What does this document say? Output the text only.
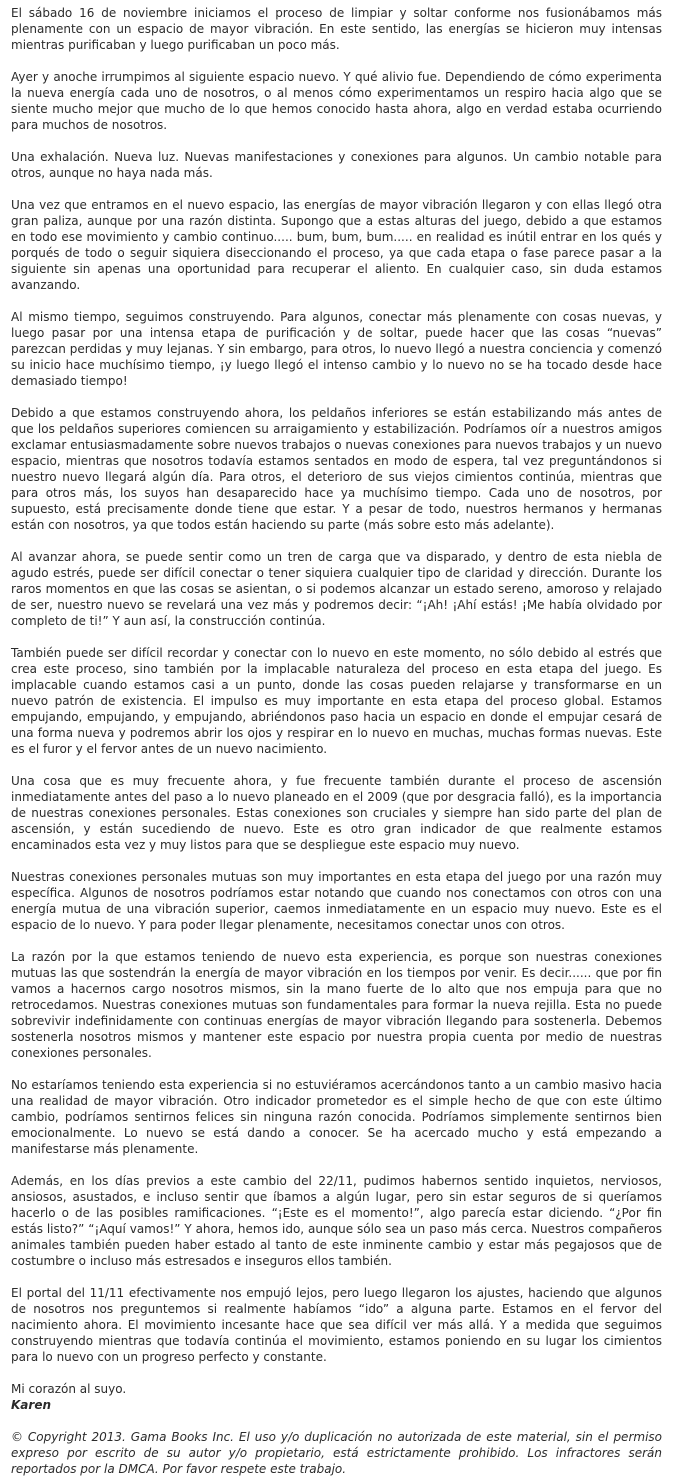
El sábado 16 de noviembre iniciamos el proceso de limpiar y soltar conforme nos fusionábamos más plenamente con un espacio de mayor vibración. En este sentido, las energías se hicieron muy intensas mientras purificaban y luego purificaban un poco más.

Ayer y anoche irrumpimos al siguiente espacio nuevo. Y qué alivio fue. Dependiendo de cómo experimenta la nueva energía cada uno de nosotros, o al menos cómo experimentamos un respiro hacia algo que se siente mucho mejor que mucho de lo que hemos conocido hasta ahora, algo en verdad estaba ocurriendo para muchos de nosotros.

Una exhalación. Nueva luz. Nuevas manifestaciones y conexiones para algunos. Un cambio notable para otros, aunque no haya nada más.

Una vez que entramos en el nuevo espacio, las energías de mayor vibración llegaron y con ellas llegó otra gran paliza, aunque por una razón distinta. Supongo que a estas alturas del juego, debido a que estamos en todo ese movimiento y cambio continuo..... bum, bum, bum..... en realidad es inútil entrar en los qués y porqués de todo o seguir siquiera diseccionando el proceso, ya que cada etapa o fase parece pasar a la siguiente sin apenas una oportunidad para recuperar el aliento. En cualquier caso, sin duda estamos avanzando.

Al mismo tiempo, seguimos construyendo. Para algunos, conectar más plenamente con cosas nuevas, y luego pasar por una intensa etapa de purificación y de soltar, puede hacer que las cosas “nuevas” parezcan perdidas y muy lejanas. Y sin embargo, para otros, lo nuevo llegó a nuestra conciencia y comenzó su inicio hace muchísimo tiempo, ¡y luego llegó el intenso cambio y lo nuevo no se ha tocado desde hace demasiado tiempo!

Debido a que estamos construyendo ahora, los peldaños inferiores se están estabilizando más antes de que los peldaños superiores comiencen su arraigamiento y estabilización. Podríamos oír a nuestros amigos exclamar entusiasmadamente sobre nuevos trabajos o nuevas conexiones para nuevos trabajos y un nuevo espacio, mientras que nosotros todavía estamos sentados en modo de espera, tal vez preguntándonos si nuestro nuevo llegará algún día. Para otros, el deterioro de sus viejos cimientos continúa, mientras que para otros más, los suyos han desaparecido hace ya muchísimo tiempo. Cada uno de nosotros, por supuesto, está precisamente donde tiene que estar. Y a pesar de todo, nuestros hermanos y hermanas están con nosotros, ya que todos están haciendo su parte (más sobre esto más adelante).

Al avanzar ahora, se puede sentir como un tren de carga que va disparado, y dentro de esta niebla de agudo estrés, puede ser difícil conectar o tener siquiera cualquier tipo de claridad y dirección. Durante los raros momentos en que las cosas se asientan, o si podemos alcanzar un estado sereno, amoroso y relajado de ser, nuestro nuevo se revelará una vez más y podremos decir: “¡Ah! ¡Ahí estás! ¡Me había olvidado por completo de ti!” Y aun así, la construcción continúa.

También puede ser difícil recordar y conectar con lo nuevo en este momento, no sólo debido al estrés que crea este proceso, sino también por la implacable naturaleza del proceso en esta etapa del juego. Es implacable cuando estamos casi a un punto, donde las cosas pueden relajarse y transformarse en un nuevo patrón de existencia. El impulso es muy importante en esta etapa del proceso global. Estamos empujando, empujando, y empujando, abriéndonos paso hacia un espacio en donde el empujar cesará de una forma nueva y podremos abrir los ojos y respirar en lo nuevo en muchas, muchas formas nuevas. Este es el furor y el fervor antes de un nuevo nacimiento.

Una cosa que es muy frecuente ahora, y fue frecuente también durante el proceso de ascensión inmediatamente antes del paso a lo nuevo planeado en el 2009 (que por desgracia falló), es la importancia de nuestras conexiones personales. Estas conexiones son cruciales y siempre han sido parte del plan de ascensión, y están sucediendo de nuevo. Este es otro gran indicador de que realmente estamos encaminados esta vez y muy listos para que se despliegue este espacio muy nuevo.

Nuestras conexiones personales mutuas son muy importantes en esta etapa del juego por una razón muy específica. Algunos de nosotros podríamos estar notando que cuando nos conectamos con otros con una energía mutua de una vibración superior, caemos inmediatamente en un espacio muy nuevo. Este es el espacio de lo nuevo. Y para poder llegar plenamente, necesitamos conectar unos con otros.

La razón por la que estamos teniendo de nuevo esta experiencia, es porque son nuestras conexiones mutuas las que sostendrán la energía de mayor vibración en los tiempos por venir. Es decir...... que por fin vamos a hacernos cargo nosotros mismos, sin la mano fuerte de lo alto que nos empuja para que no retrocedamos. Nuestras conexiones mutuas son fundamentales para formar la nueva rejilla. Esta no puede sobrevivir indefinidamente con continuas energías de mayor vibración llegando para sostenerla. Debemos sostenerla nosotros mismos y mantener este espacio por nuestra propia cuenta por medio de nuestras conexiones personales.

No estaríamos teniendo esta experiencia si no estuviéramos acercándonos tanto a un cambio masivo hacia una realidad de mayor vibración. Otro indicador prometedor es el simple hecho de que con este último cambio, podríamos sentirnos felices sin ninguna razón conocida. Podríamos simplemente sentirnos bien emocionalmente. Lo nuevo se está dando a conocer. Se ha acercado mucho y está empezando a manifestarse más plenamente.

Además, en los días previos a este cambio del 22/11, pudimos habernos sentido inquietos, nerviosos, ansiosos, asustados, e incluso sentir que íbamos a algún lugar, pero sin estar seguros de si queríamos hacerlo o de las posibles ramificaciones. “¡Este es el momento!”, algo parecía estar diciendo. “¿Por fin estás listo?” “¡Aquí vamos!” Y ahora, hemos ido, aunque sólo sea un paso más cerca. Nuestros compañeros animales también pueden haber estado al tanto de este inminente cambio y estar más pegajosos que de costumbre o incluso más estresados e inseguros ellos también.

El portal del 11/11 efectivamente nos empujó lejos, pero luego llegaron los ajustes, haciendo que algunos de nosotros nos preguntemos si realmente habíamos “ido” a alguna parte. Estamos en el fervor del nacimiento ahora. El movimiento incesante hace que sea difícil ver más allá. Y a medida que seguimos construyendo mientras que todavía continúa el movimiento, estamos poniendo en su lugar los cimientos para lo nuevo con un progreso perfecto y constante.

Mi corazón al suyo.

Karen

© Copyright 2013. Gama Books Inc. El uso y/o duplicación no autorizada de este material, sin el permiso expreso por escrito de su autor y/o propietario, está estrictamente prohibido. Los infractores serán reportados por la DMCA. Por favor respete este trabajo.
